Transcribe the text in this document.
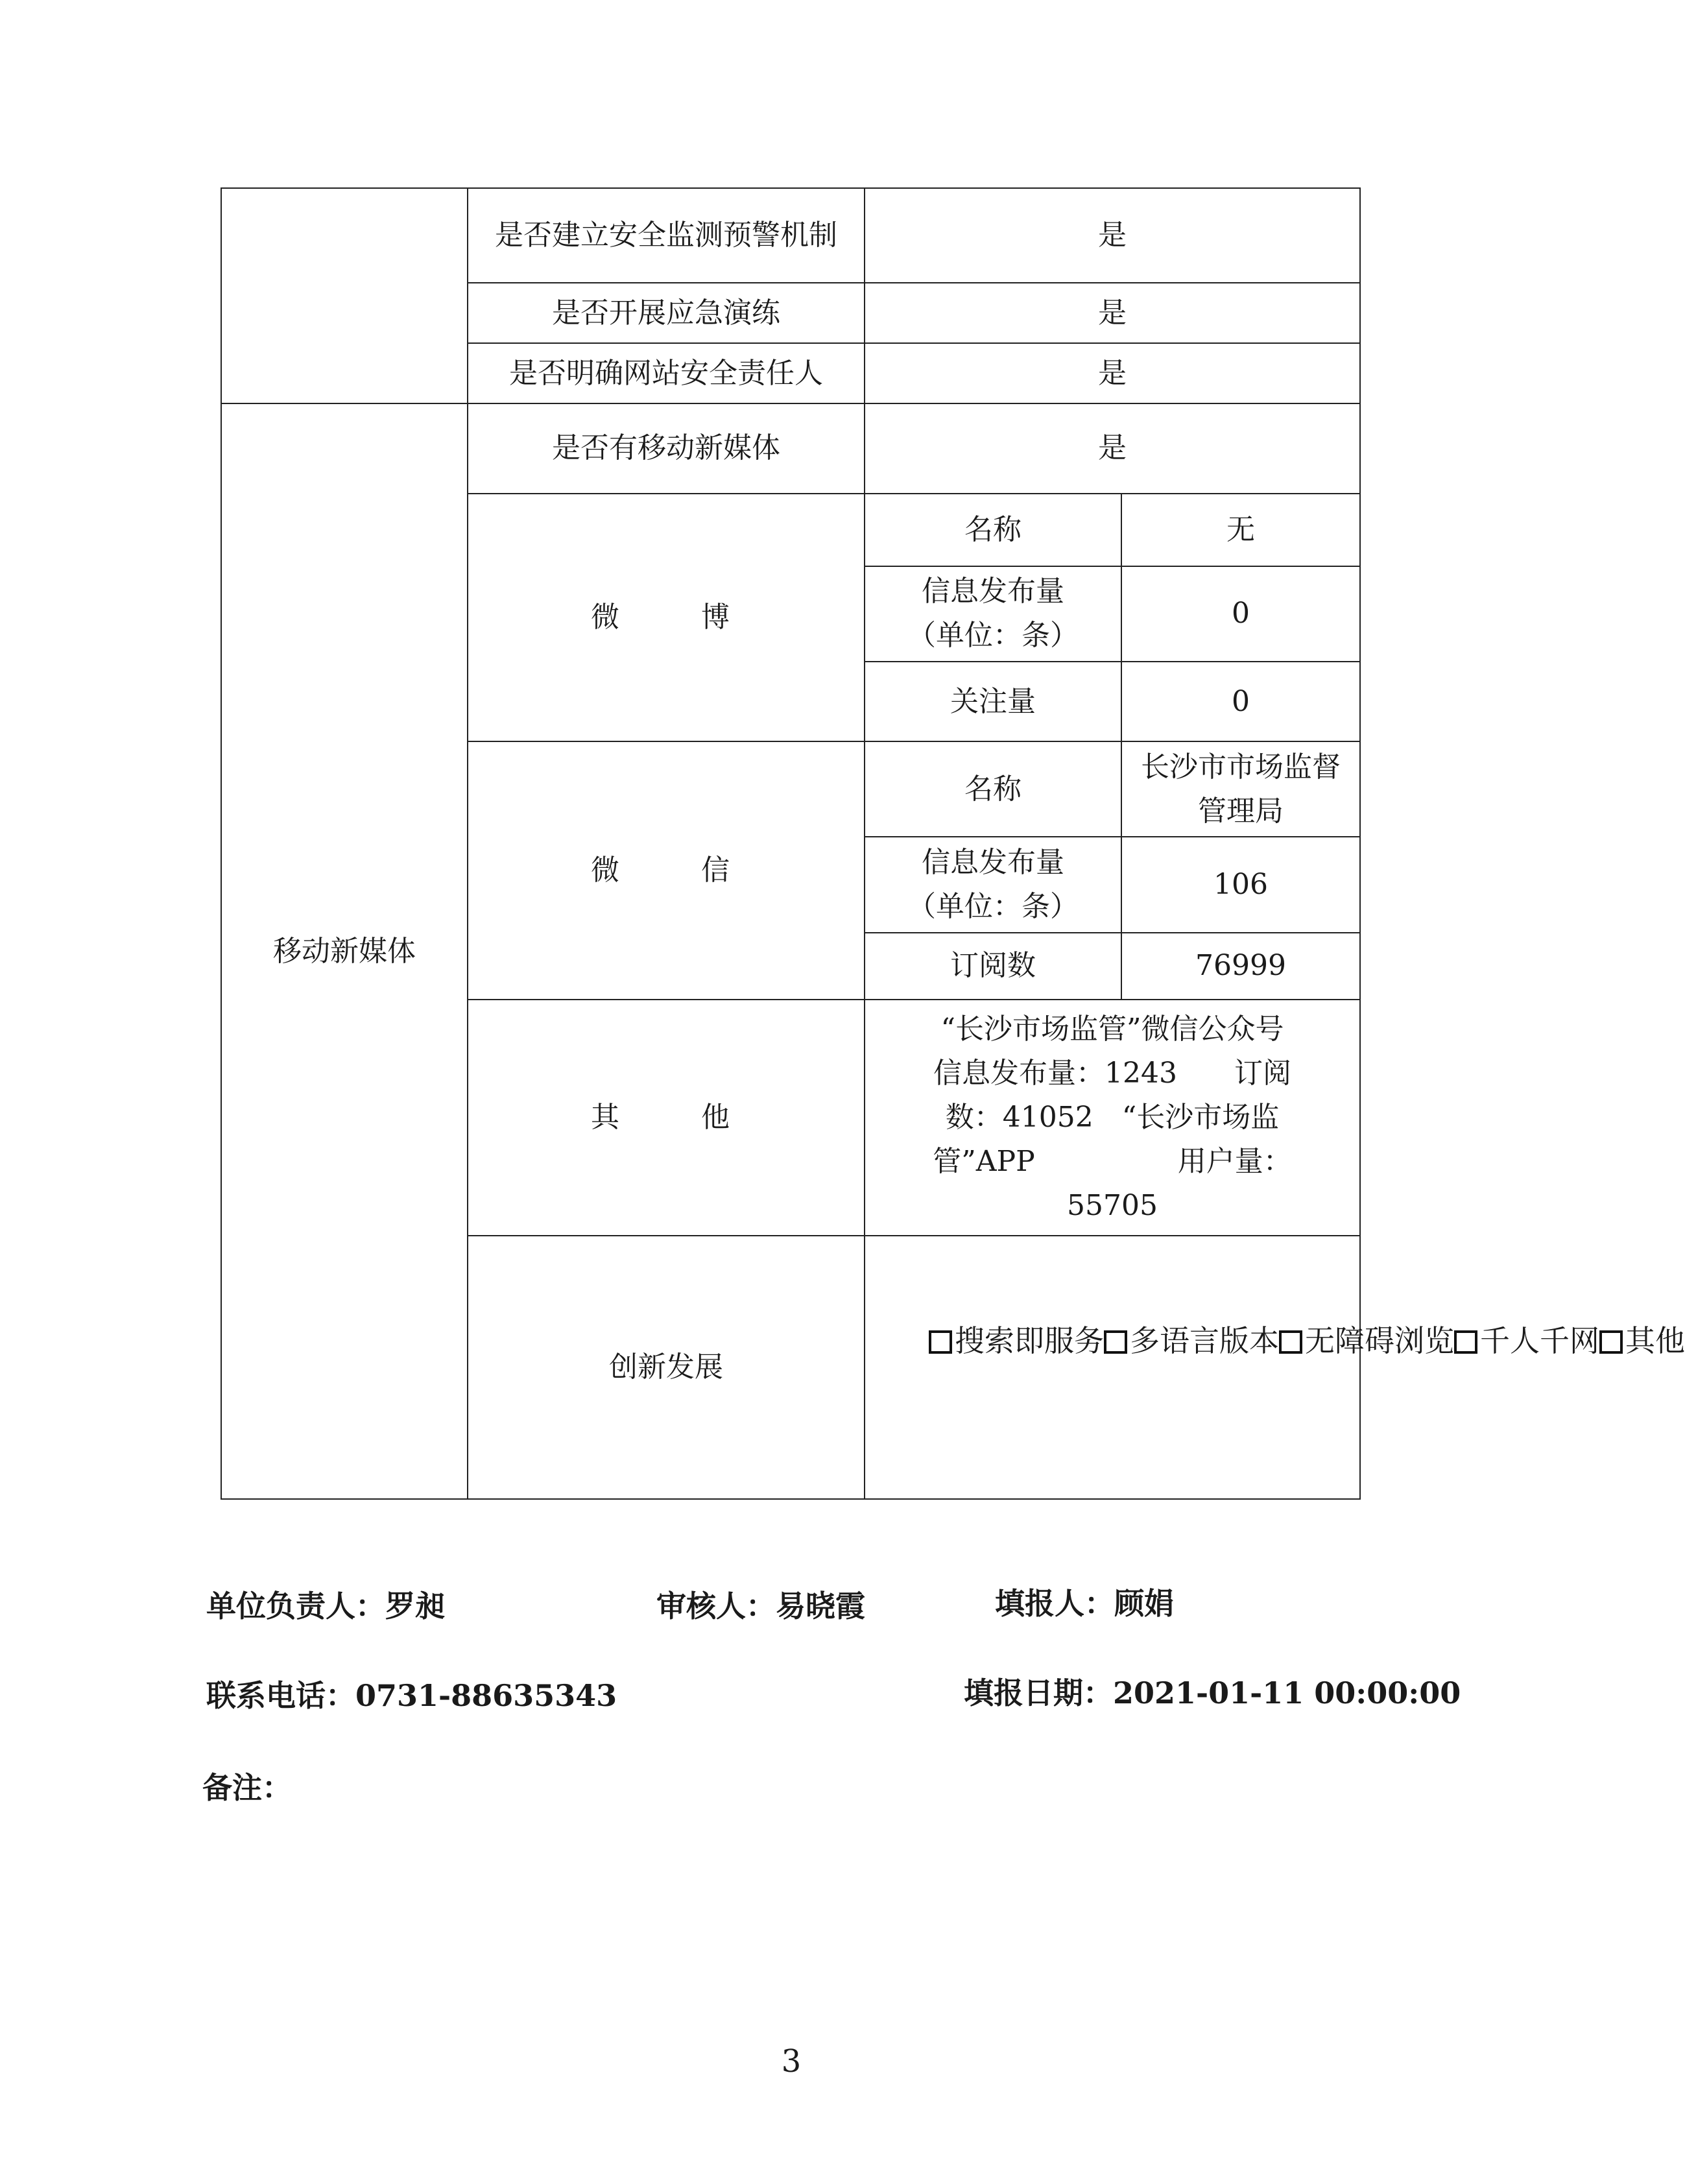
	是否建立安全监测预警机制	是	
	是否开展应急演练	是	
	是否明确网站安全责任人	是	
移动新媒体	是否有移动新媒体	是	
	微 博	名称	无

		信息发布量
（单位：条）	0
		关注量	0
	微 信	名称	长沙市市场监督管理局

		信息发布量
（单位：条）	106
		订阅数	76999
	其 他	“长沙市场监管”微信公众号
信息发布量：1243　　订阅
数：41052　“长沙市场监
管”APP　　　　　用户量：
55705	

	创新发展	搜索即服务 多语言版本 无障碍浏览 千人千网 其他	
单位负责人：罗昶	审核人：易晓霞	填报人：顾娟
联系电话：0731-88635343	填报日期：2021-01-11 00:00:00
备注：
3
